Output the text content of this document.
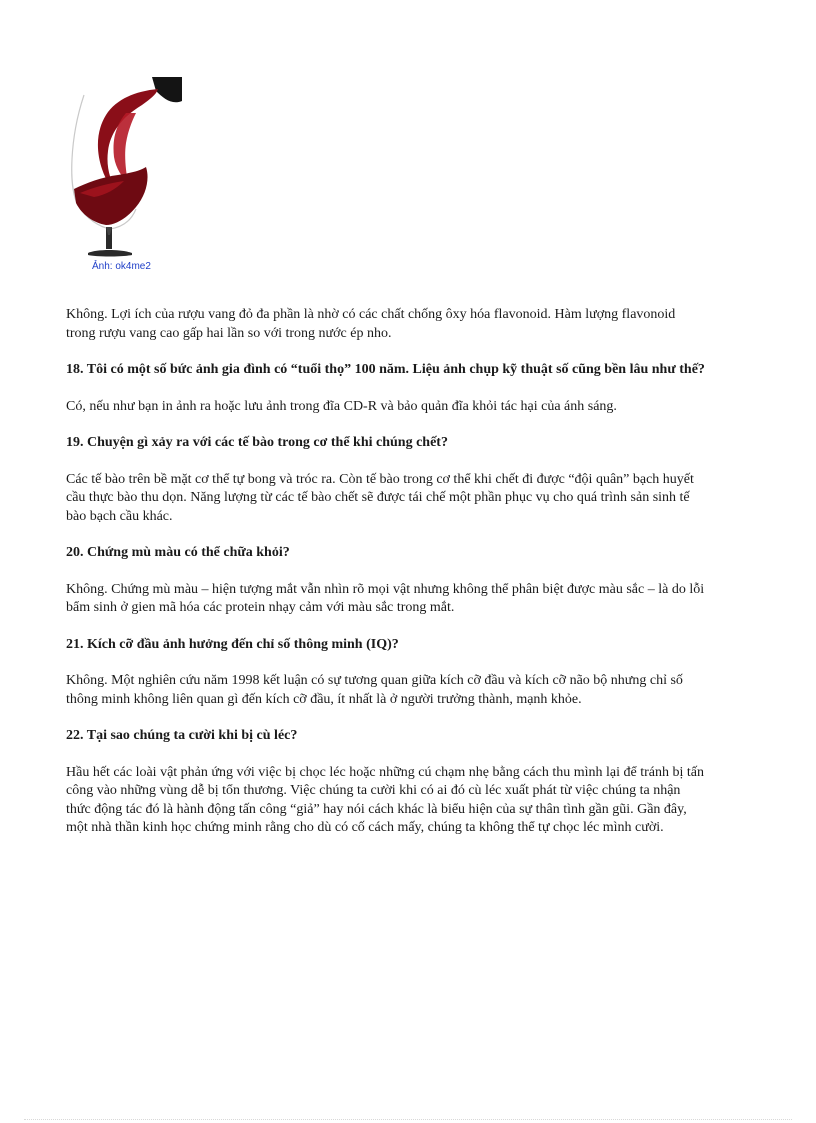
Ảnh: ok4me2

Không. Lợi ích của rượu vang đỏ đa phần là nhờ có các chất chống ôxy hóa flavonoid. Hàm lượng flavonoid trong rượu vang cao gấp hai lần so với trong nước ép nho.

18. Tôi có một số bức ảnh gia đình có “tuổi thọ” 100 năm. Liệu ảnh chụp kỹ thuật số cũng bền lâu như thế?

Có, nếu như bạn in ảnh ra hoặc lưu ảnh trong đĩa CD-R và bảo quản đĩa khỏi tác hại của ánh sáng.

19. Chuyện gì xảy ra với các tế bào trong cơ thể khi chúng chết?

Các tế bào trên bề mặt cơ thể tự bong và tróc ra. Còn tế bào trong cơ thể khi chết đi được “đội quân” bạch huyết cầu thực bào thu dọn. Năng lượng từ các tế bào chết sẽ được tái chế một phần phục vụ cho quá trình sản sinh tế bào bạch cầu khác.

20. Chứng mù màu có thể chữa khỏi?

Không. Chứng mù màu – hiện tượng mắt vẫn nhìn rõ mọi vật nhưng không thể phân biệt được màu sắc – là do lỗi bẩm sinh ở gien mã hóa các protein nhạy cảm với màu sắc trong mắt.

21. Kích cỡ đầu ảnh hưởng đến chỉ số thông minh (IQ)?

Không. Một nghiên cứu năm 1998 kết luận có sự tương quan giữa kích cỡ đầu và kích cỡ não bộ nhưng chỉ số thông minh không liên quan gì đến kích cỡ đầu, ít nhất là ở người trưởng thành, mạnh khỏe.

22. Tại sao chúng ta cười khi bị cù léc?

Hầu hết các loài vật phản ứng với việc bị chọc léc hoặc những cú chạm nhẹ bằng cách thu mình lại để tránh bị tấn công vào những vùng dễ bị tổn thương. Việc chúng ta cười khi có ai đó cù léc xuất phát từ việc chúng ta nhận thức động tác đó là hành động tấn công “giả” hay nói cách khác là biểu hiện của sự thân tình gần gũi. Gần đây, một nhà thần kinh học chứng minh rằng cho dù có cố cách mấy, chúng ta không thể tự chọc léc mình cười.
